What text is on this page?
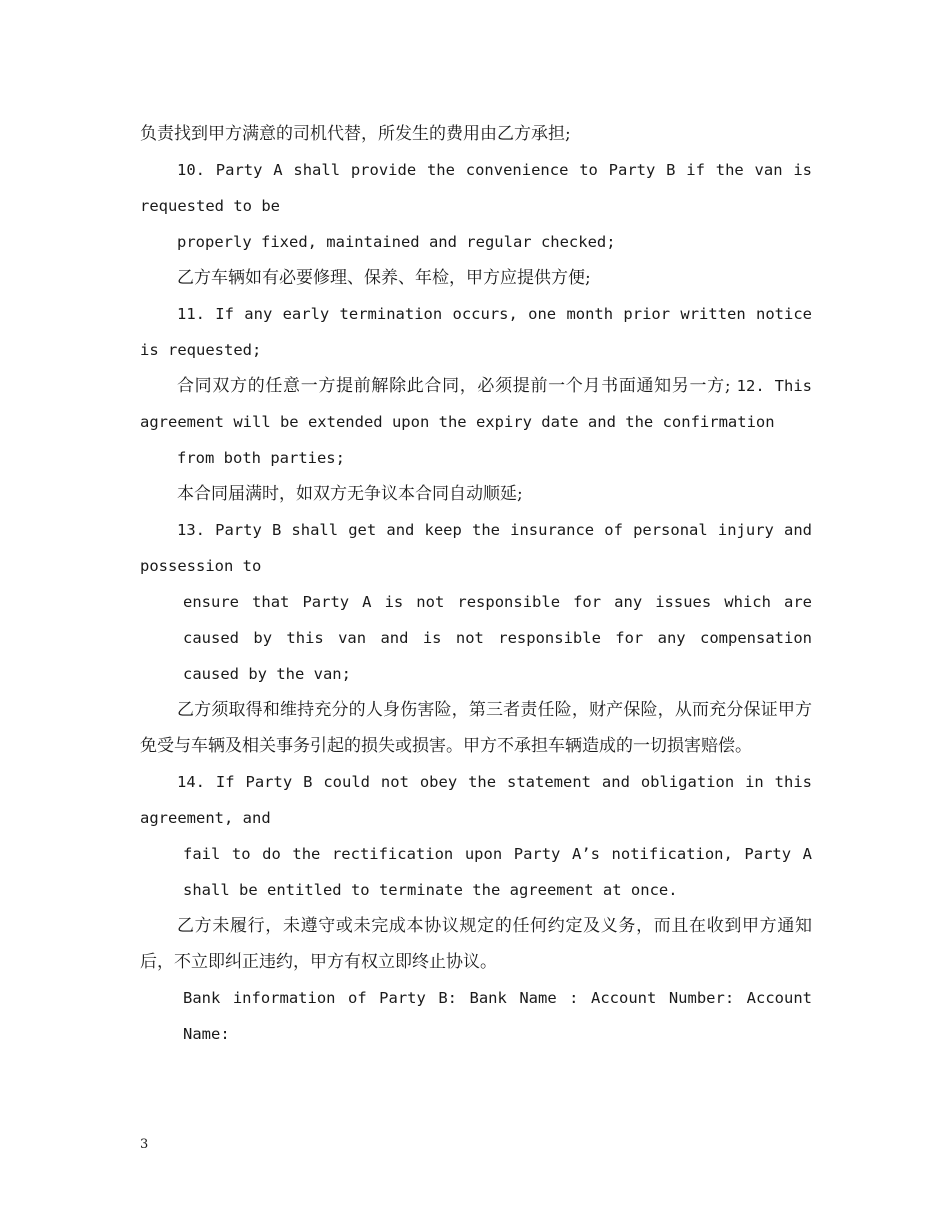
负责找到甲方满意的司机代替，所发生的费用由乙方承担;

10. Party A shall provide the convenience to Party B if the van is requested to be

properly fixed, maintained and regular checked;

乙方车辆如有必要修理、保养、年检，甲方应提供方便;

11. If any early termination occurs, one month prior written notice is requested;

合同双方的任意一方提前解除此合同，必须提前一个月书面通知另一方; 12. This agreement will be extended upon the expiry date and the confirmation

from both parties;

本合同届满时，如双方无争议本合同自动顺延;

13. Party B shall get and keep the insurance of personal injury and possession to

ensure that Party A is not responsible for any issues which are caused by this van and is not responsible for any compensation caused by the van;

乙方须取得和维持充分的人身伤害险，第三者责任险，财产保险，从而充分保证甲方免受与车辆及相关事务引起的损失或损害。甲方不承担车辆造成的一切损害赔偿。

14. If Party B could not obey the statement and obligation in this agreement, and

fail to do the rectification upon Party A’s notification, Party A shall be entitled to terminate the agreement at once.

乙方未履行，未遵守或未完成本协议规定的任何约定及义务，而且在收到甲方通知后，不立即纠正违约，甲方有权立即终止协议。

Bank information of Party B: Bank Name : Account Number: Account Name:

3
